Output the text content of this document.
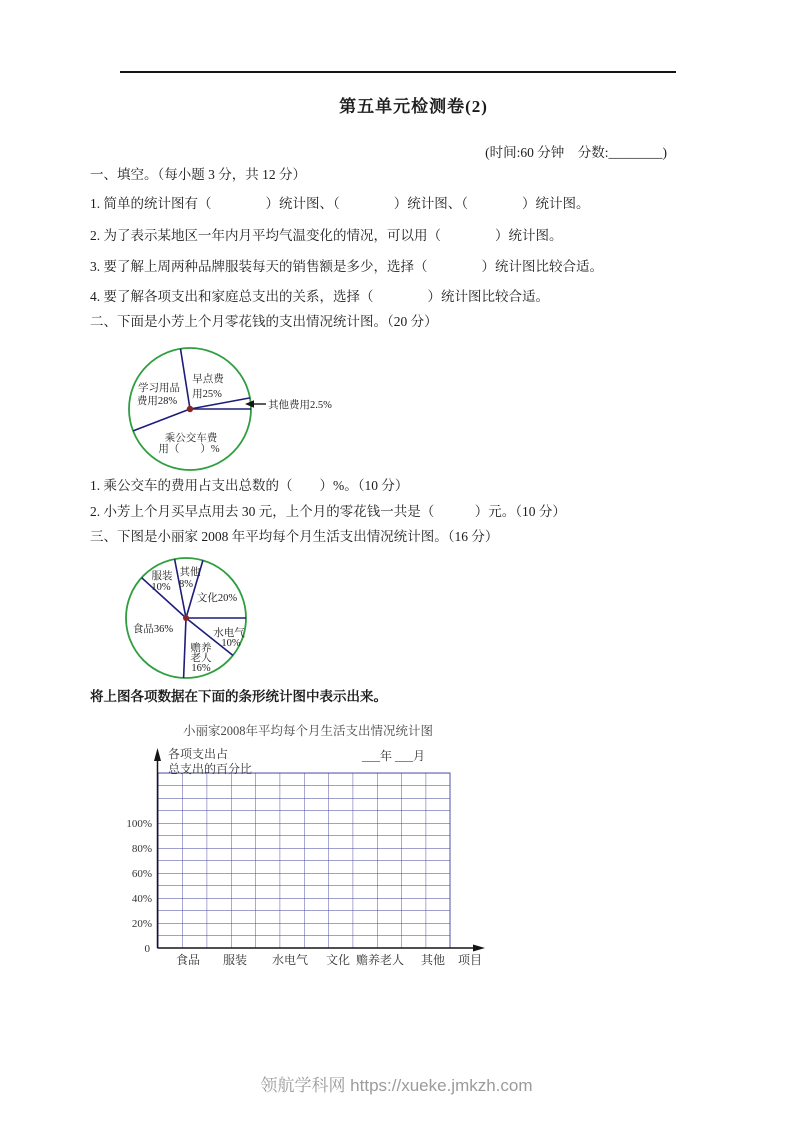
第五单元检测卷(2)
(时间:60 分钟　分数:________)
一、填空。（每小题 3 分，共 12 分）
1. 简单的统计图有（　　　　）统计图、（　　　　）统计图、（　　　　）统计图。
2. 为了表示某地区一年内月平均气温变化的情况，可以用（　　　　）统计图。
3. 要了解上周两种品牌服装每天的销售额是多少，选择（　　　　）统计图比较合适。
4. 要了解各项支出和家庭总支出的关系，选择（　　　　）统计图比较合适。
二、下面是小芳上个月零花钱的支出情况统计图。（20 分）
早点费
用25%
学习用品
费用28%
乘公交车费
用（　　）%
其他费用2.5%
1. 乘公交车的费用占支出总数的（　　）%。（10 分）
2. 小芳上个月买早点用去 30 元，上个月的零花钱一共是（　　　）元。（10 分）
三、下图是小丽家 2008 年平均每个月生活支出情况统计图。（16 分）
其他
8%
服装
10%
文化20%
食品36%	水电气
10%
赡养
老人
16%
将上图各项数据在下面的条形统计图中表示出来。
小丽家2008年平均每个月生活支出情况统计图
各项支出占
总支出的百分比
___年 ___月
100%
80%
60%
40%
20%
0
食品 服装 水电气 文化 赡养老人 其他 项目
领航学科网 https://xueke.jmkzh.com
